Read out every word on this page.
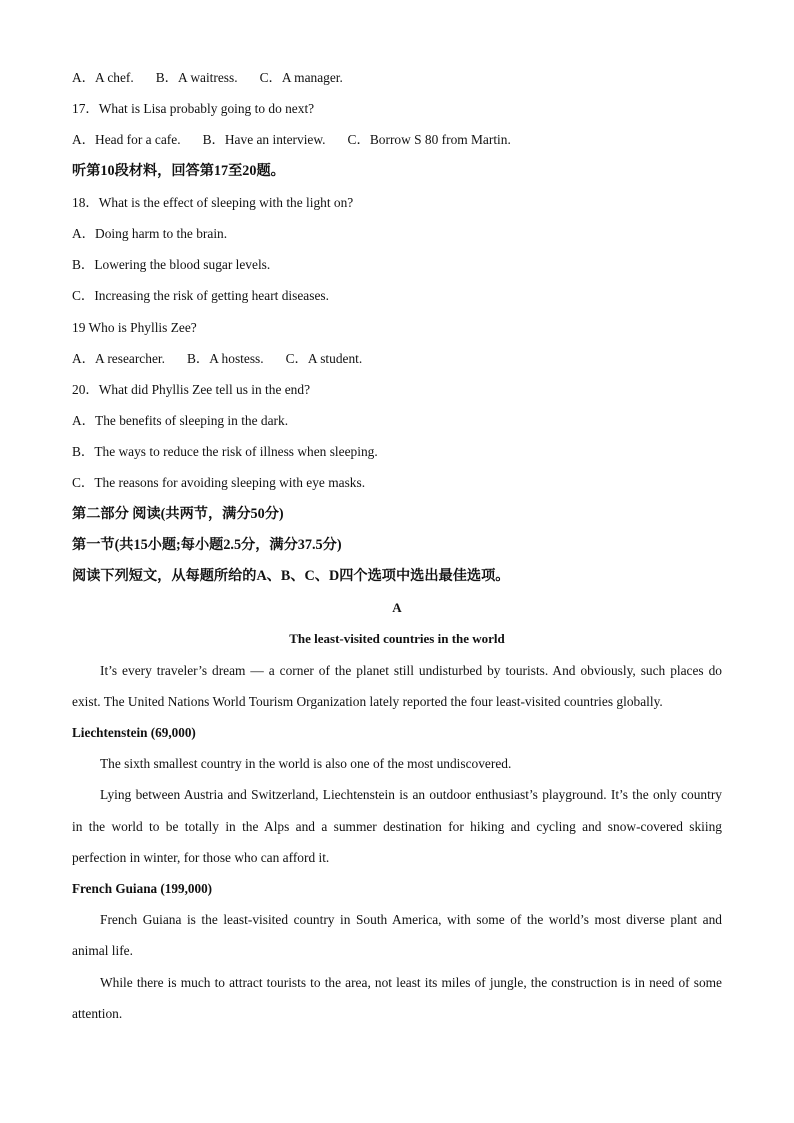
A．A chef. B．A waitress. C．A manager.
17．What is Lisa probably going to do next?
A．Head for a cafe. B．Have an interview. C．Borrow S 80 from Martin.
听第10段材料，回答第17至20题。
18．What is the effect of sleeping with the light on?
A．Doing harm to the brain.
B．Lowering the blood sugar levels.
C．Increasing the risk of getting heart diseases.
19 Who is Phyllis Zee?
A．A researcher. B．A hostess. C．A student.
20．What did Phyllis Zee tell us in the end?
A．The benefits of sleeping in the dark.
B．The ways to reduce the risk of illness when sleeping.
C．The reasons for avoiding sleeping with eye masks.
第二部分 阅读(共两节，满分50分)
第一节(共15小题;每小题2.5分，满分37.5分)
阅读下列短文，从每题所给的A、B、C、D四个选项中选出最佳选项。
A
The least-visited countries in the world

It’s every traveler’s dream — a corner of the planet still undisturbed by tourists. And obviously, such places do exist. The United Nations World Tourism Organization lately reported the four least-visited countries globally.

Liechtenstein (69,000)

The sixth smallest country in the world is also one of the most undiscovered.

Lying between Austria and Switzerland, Liechtenstein is an outdoor enthusiast’s playground. It’s the only country in the world to be totally in the Alps and a summer destination for hiking and cycling and snow-covered skiing perfection in winter, for those who can afford it.

French Guiana (199,000)

French Guiana is the least-visited country in South America, with some of the world’s most diverse plant and animal life.

While there is much to attract tourists to the area, not least its miles of jungle, the construction is in need of some attention.
